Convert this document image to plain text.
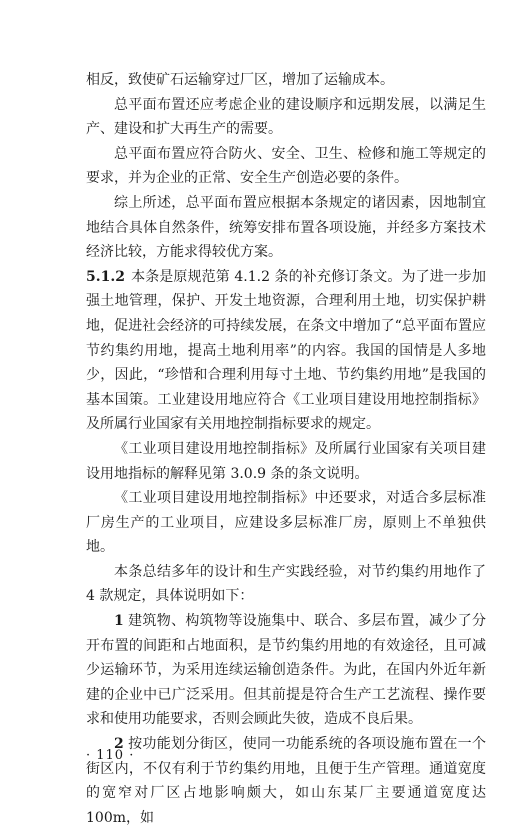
相反，致使矿石运输穿过厂区，增加了运输成本。

总平面布置还应考虑企业的建设顺序和远期发展，以满足生产、建设和扩大再生产的需要。

总平面布置应符合防火、安全、卫生、检修和施工等规定的要求，并为企业的正常、安全生产创造必要的条件。

综上所述，总平面布置应根据本条规定的诸因素，因地制宜地结合具体自然条件，统筹安排布置各项设施，并经多方案技术经济比较，方能求得较优方案。

5.1.2 本条是原规范第 4.1.2 条的补充修订条文。为了进一步加强土地管理，保护、开发土地资源，合理利用土地，切实保护耕地，促进社会经济的可持续发展，在条文中增加了“总平面布置应节约集约用地，提高土地利用率”的内容。我国的国情是人多地少，因此，“珍惜和合理利用每寸土地、节约集约用地”是我国的基本国策。工业建设用地应符合《工业项目建设用地控制指标》及所属行业国家有关用地控制指标要求的规定。

《工业项目建设用地控制指标》及所属行业国家有关项目建设用地指标的解释见第 3.0.9 条的条文说明。

《工业项目建设用地控制指标》中还要求，对适合多层标准厂房生产的工业项目，应建设多层标准厂房，原则上不单独供地。

本条总结多年的设计和生产实践经验，对节约集约用地作了 4 款规定，具体说明如下：

1 建筑物、构筑物等设施集中、联合、多层布置，减少了分开布置的间距和占地面积，是节约集约用地的有效途径，且可减少运输环节，为采用连续运输创造条件。为此，在国内外近年新建的企业中已广泛采用。但其前提是符合生产工艺流程、操作要求和使用功能要求，否则会顾此失彼，造成不良后果。

2 按功能划分街区，使同一功能系统的各项设施布置在一个街区内，不仅有利于节约集约用地，且便于生产管理。通道宽度的宽窄对厂区占地影响颇大，如山东某厂主要通道宽度达 100m，如

· 110 ·
